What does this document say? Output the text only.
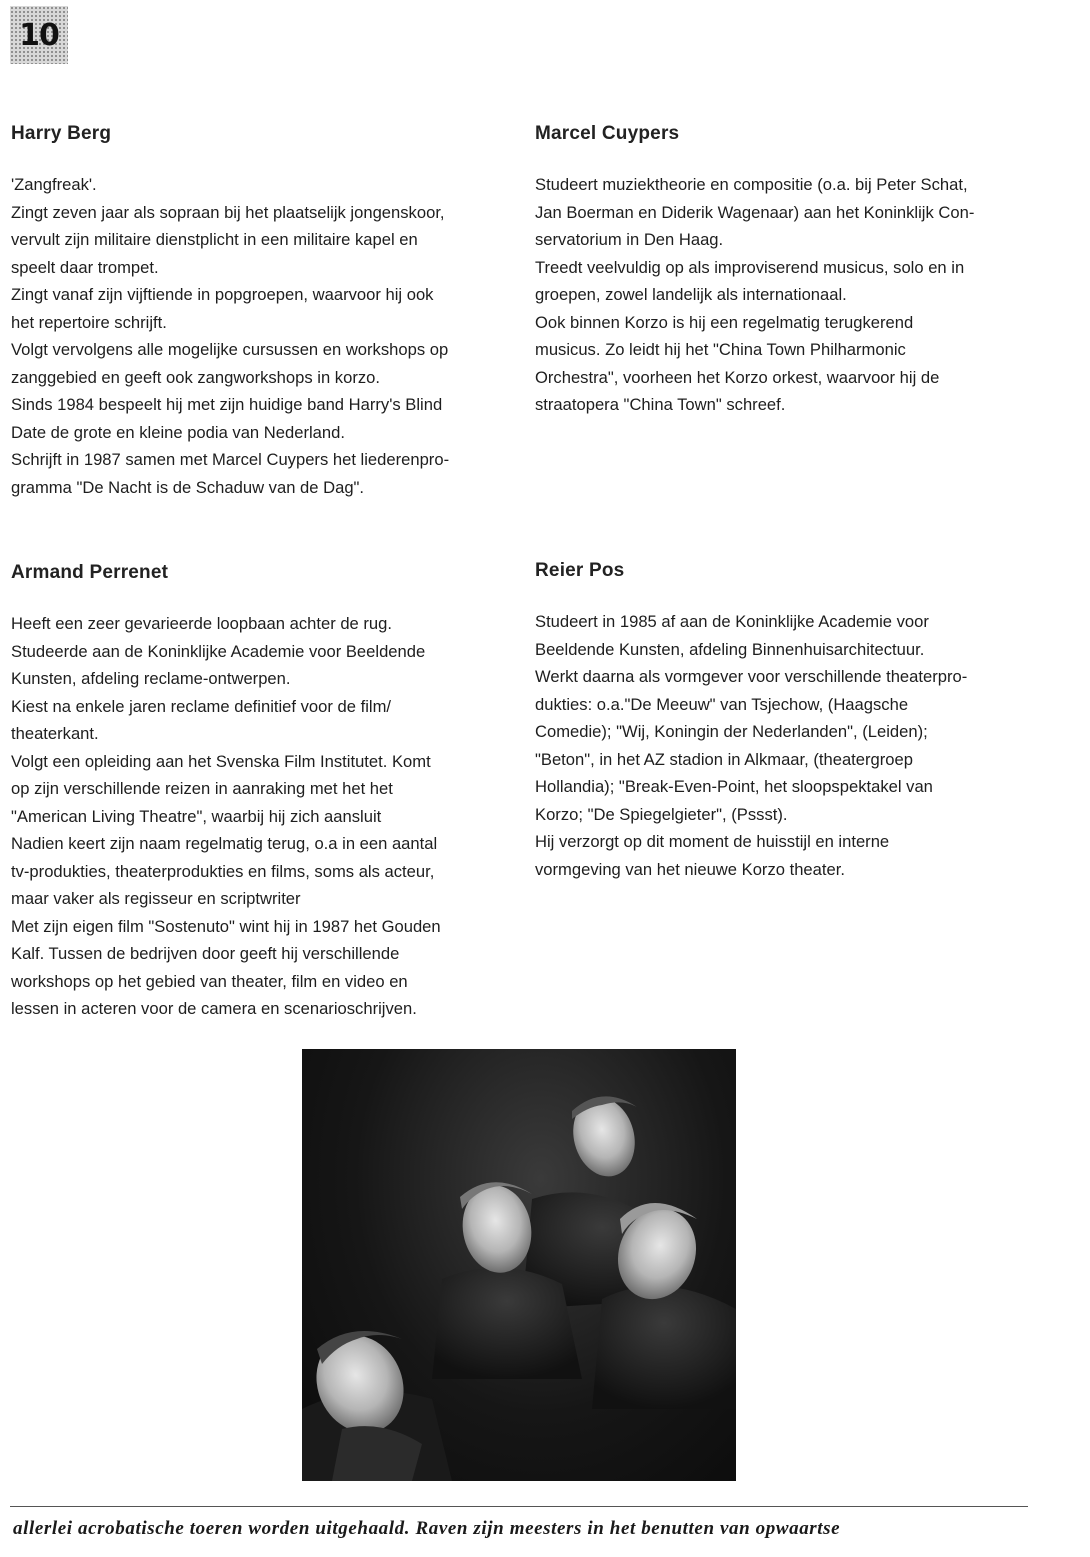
10
Harry Berg

'Zangfreak'.
Zingt zeven jaar als sopraan bij het plaatselijk jongenskoor,
vervult zijn militaire dienstplicht in een militaire kapel en
speelt daar trompet.
Zingt vanaf zijn vijftiende in popgroepen, waarvoor hij ook
het repertoire schrijft.
Volgt vervolgens alle mogelijke cursussen en workshops op
zanggebied en geeft ook zangworkshops in korzo.
Sinds 1984 bespeelt hij met zijn huidige band Harry's Blind
Date de grote en kleine podia van Nederland.
Schrijft in 1987 samen met Marcel Cuypers het liederenpro-
gramma "De Nacht is de Schaduw van de Dag".

Marcel Cuypers

Studeert muziektheorie en compositie (o.a. bij Peter Schat,
Jan Boerman en Diderik Wagenaar) aan het Koninklijk Con-
servatorium in Den Haag.
Treedt veelvuldig op als improviserend musicus, solo en in
groepen, zowel landelijk als internationaal.
Ook binnen Korzo is hij een regelmatig terugkerend
musicus. Zo leidt hij het "China Town Philharmonic
Orchestra", voorheen het Korzo orkest, waarvoor hij de
straatopera "China Town" schreef.

Armand Perrenet

Heeft een zeer gevarieerde loopbaan achter de rug.
Studeerde aan de Koninklijke Academie voor Beeldende
Kunsten, afdeling reclame-ontwerpen.
Kiest na enkele jaren reclame definitief voor de film/
theaterkant.
Volgt een opleiding aan het Svenska Film Institutet. Komt
op zijn verschillende reizen in aanraking met het het
"American Living Theatre", waarbij hij zich aansluit
Nadien keert zijn naam regelmatig terug, o.a in een aantal
tv-produkties, theaterprodukties en films, soms als acteur,
maar vaker als regisseur en scriptwriter
Met zijn eigen film "Sostenuto" wint hij in 1987 het Gouden
Kalf. Tussen de bedrijven door geeft hij verschillende
workshops op het gebied van theater, film en video en
lessen in acteren voor de camera en scenarioschrijven.

Reier Pos

Studeert in 1985 af aan de Koninklijke Academie voor
Beeldende Kunsten, afdeling Binnenhuisarchitectuur.
Werkt daarna als vormgever voor verschillende theaterpro-
dukties: o.a."De Meeuw" van Tsjechow, (Haagsche
Comedie); "Wij, Koningin der Nederlanden", (Leiden);
"Beton", in het AZ stadion in Alkmaar, (theatergroep
Hollandia); "Break-Even-Point, het sloopspektakel van
Korzo; "De Spiegelgieter", (Pssst).
Hij verzorgt op dit moment de huisstijl en interne
vormgeving van het nieuwe Korzo theater.

allerlei acrobatische toeren worden uitgehaald. Raven zijn meesters in het benutten van opwaartse
